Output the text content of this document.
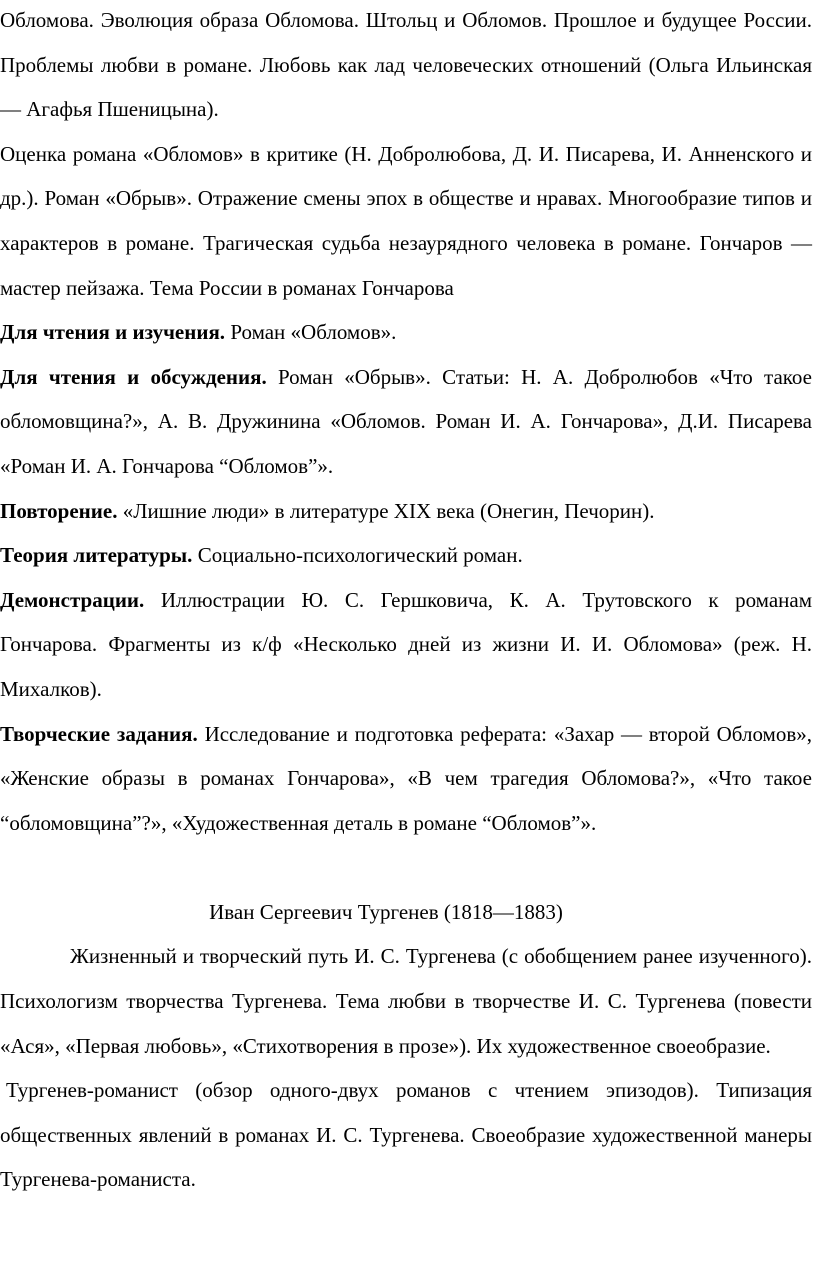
Обломова. Эволюция образа Обломова. Штольц и Обломов. Прошлое и будущее России. Проблемы любви в романе. Любовь как лад человеческих отношений (Ольга Ильинская — Агафья Пшеницына).

Оценка романа «Обломов» в критике (Н. Добролюбова, Д. И. Писарева, И. Анненского и др.). Роман «Обрыв». Отражение смены эпох в обществе и нравах. Многообразие типов и характеров в романе. Трагическая судьба незаурядного человека в романе. Гончаров — мастер пейзажа. Тема России в романах Гончарова

Для чтения и изучения. Роман «Обломов».

Для чтения и обсуждения. Роман «Обрыв». Статьи: Н. А. Добролюбов «Что такое обломовщина?», А. В. Дружинина «Обломов. Роман И. А. Гончарова», Д.И. Писарева «Роман И. А. Гончарова “Обломов”».

Повторение. «Лишние люди» в литературе XIX века (Онегин, Печорин).

Теория литературы. Социально-психологический роман.

Демонстрации. Иллюстрации Ю. С. Гершковича, К. А. Трутовского к романам Гончарова. Фрагменты из к/ф «Несколько дней из жизни И. И. Обломова» (реж. Н. Михалков).

Творческие задания. Исследование и подготовка реферата: «Захар — второй Обломов», «Женские образы в романах Гончарова», «В чем трагедия Обломова?», «Что такое “обломовщина”?», «Художественная деталь в романе “Обломов”».

Иван Сергеевич Тургенев (1818—1883)

Жизненный и творческий путь И. С. Тургенева (с обобщением ранее изученного). Психологизм творчества Тургенева. Тема любви в творчестве И. С. Тургенева (повести «Ася», «Первая любовь», «Стихотворения в прозе»). Их художественное своеобразие.

Тургенев-романист (обзор одного-двух романов с чтением эпизодов). Типизация общественных явлений в романах И. С. Тургенева. Своеобразие художественной манеры Тургенева-романиста.
